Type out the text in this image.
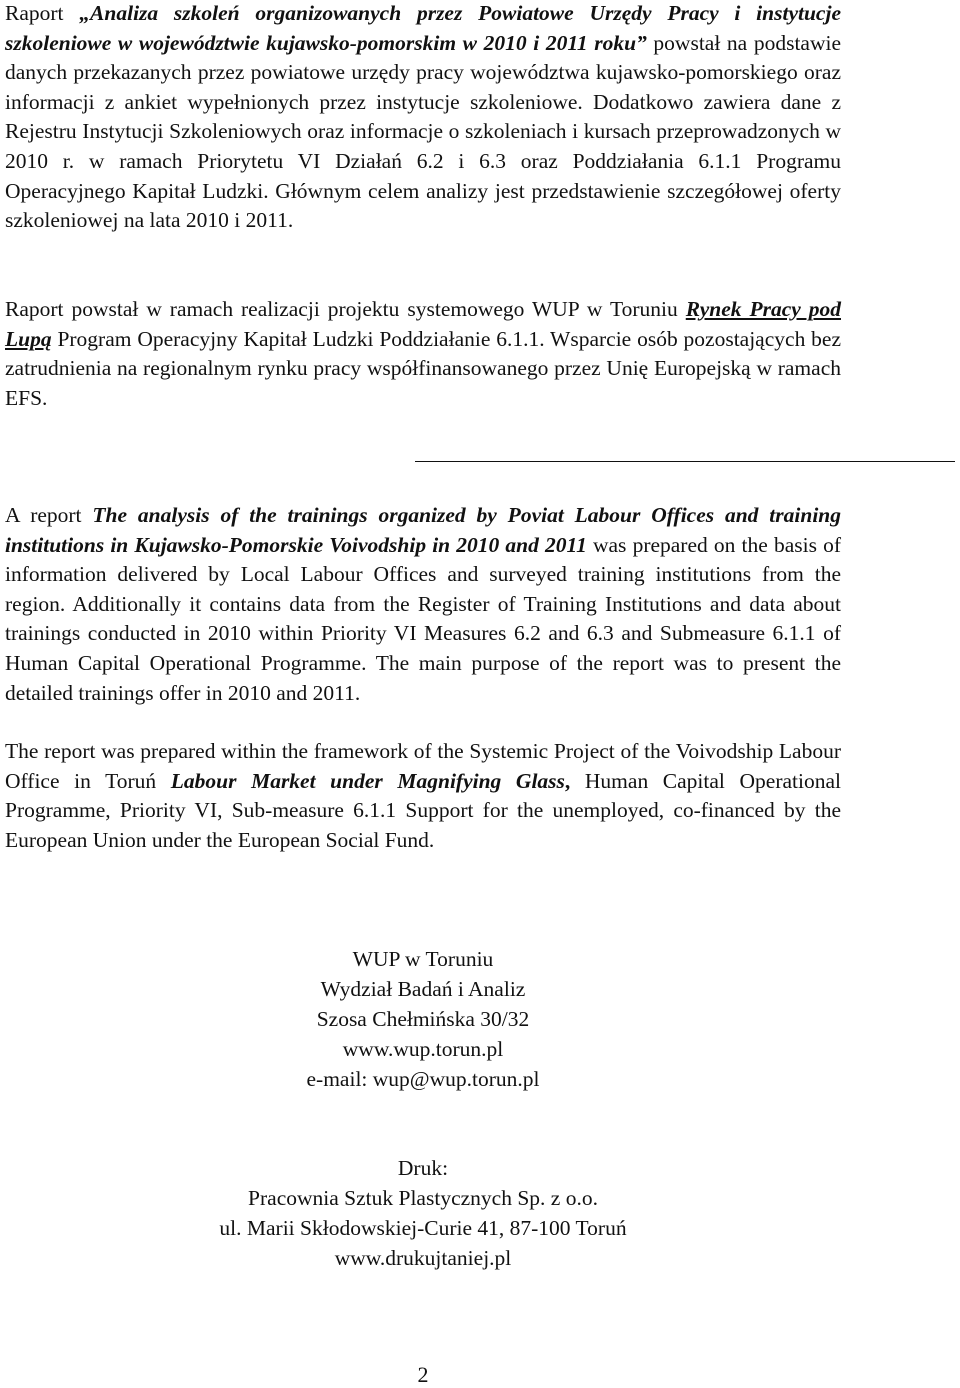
Raport „Analiza szkoleń organizowanych przez Powiatowe Urzędy Pracy i instytucje szkoleniowe w województwie kujawsko-pomorskim w 2010 i 2011 roku” powstał na podstawie danych przekazanych przez powiatowe urzędy pracy województwa kujawsko-pomorskiego oraz informacji z ankiet wypełnionych przez instytucje szkoleniowe. Dodatkowo zawiera dane z Rejestru Instytucji Szkoleniowych oraz informacje o szkoleniach i kursach przeprowadzonych w 2010 r. w ramach Priorytetu VI Działań 6.2 i 6.3 oraz Poddziałania 6.1.1 Programu Operacyjnego Kapitał Ludzki. Głównym celem analizy jest przedstawienie szczegółowej oferty szkoleniowej na lata 2010 i 2011.

Raport powstał w ramach realizacji projektu systemowego WUP w Toruniu Rynek Pracy pod Lupą Program Operacyjny Kapitał Ludzki Poddziałanie 6.1.1. Wsparcie osób pozostających bez zatrudnienia na regionalnym rynku pracy współfinansowanego przez Unię Europejską w ramach EFS.

A report The analysis of the trainings organized by Poviat Labour Offices and training institutions in Kujawsko-Pomorskie Voivodship in 2010 and 2011 was prepared on the basis of information delivered by Local Labour Offices and surveyed training institutions from the region. Additionally it contains data from the Register of Training Institutions and data about trainings conducted in 2010 within Priority VI Measures 6.2 and 6.3 and Submeasure 6.1.1 of Human Capital Operational Programme. The main purpose of the report was to present the detailed trainings offer in 2010 and 2011.

The report was prepared within the framework of the Systemic Project of the Voivodship Labour Office in Toruń Labour Market under Magnifying Glass, Human Capital Operational Programme, Priority VI, Sub-measure 6.1.1 Support for the unemployed, co-financed by the European Union under the European Social Fund.

WUP w Toruniu
Wydział Badań i Analiz
Szosa Chełmińska 30/32
www.wup.torun.pl
e-mail: wup@wup.torun.pl
Druk:
Pracownia Sztuk Plastycznych Sp. z o.o.
ul. Marii Skłodowskiej-Curie 41, 87-100 Toruń
www.drukujtaniej.pl
2
